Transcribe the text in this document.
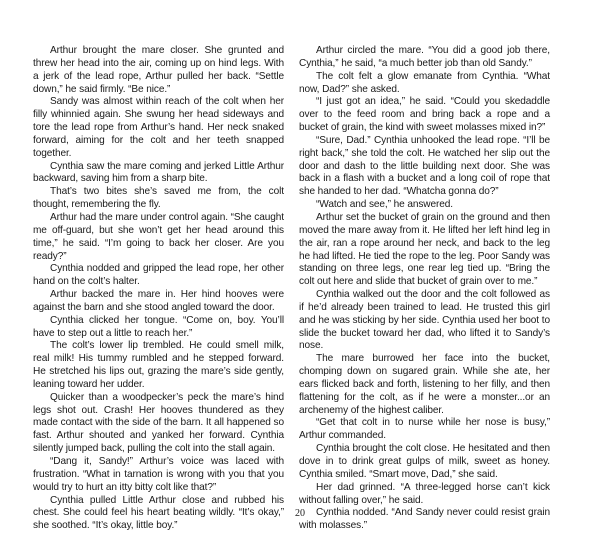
Arthur brought the mare closer. She grunted and threw her head into the air, coming up on hind legs. With a jerk of the lead rope, Arthur pulled her back. “Settle down,” he said firmly. “Be nice.”

Sandy was almost within reach of the colt when her filly whinnied again. She swung her head sideways and tore the lead rope from Arthur’s hand. Her neck snaked forward, aiming for the colt and her teeth snapped together.

Cynthia saw the mare coming and jerked Little Arthur backward, saving him from a sharp bite.

That’s two bites she’s saved me from, the colt thought, remembering the fly.

Arthur had the mare under control again. “She caught me off-guard, but she won’t get her head around this time,” he said. “I’m going to back her closer. Are you ready?”

Cynthia nodded and gripped the lead rope, her other hand on the colt’s halter.

Arthur backed the mare in. Her hind hooves were against the barn and she stood angled toward the door.

Cynthia clicked her tongue. “Come on, boy. You’ll have to step out a little to reach her.”

The colt’s lower lip trembled. He could smell milk, real milk! His tummy rumbled and he stepped forward. He stretched his lips out, grazing the mare’s side gently, leaning toward her udder.

Quicker than a woodpecker’s peck the mare’s hind legs shot out. Crash! Her hooves thundered as they made contact with the side of the barn. It all happened so fast. Arthur shouted and yanked her forward. Cynthia silently jumped back, pulling the colt into the stall again.

“Dang it, Sandy!” Arthur’s voice was laced with frustration. “What in tarnation is wrong with you that you would try to hurt an itty bitty colt like that?”

Cynthia pulled Little Arthur close and rubbed his chest. She could feel his heart beating wildly. “It’s okay,” she soothed. “It’s okay, little boy.”

Arthur circled the mare. “You did a good job there, Cynthia,” he said, “a much better job than old Sandy.”

The colt felt a glow emanate from Cynthia. “What now, Dad?” she asked.

“I just got an idea,” he said. “Could you skedaddle over to the feed room and bring back a rope and a bucket of grain, the kind with sweet molasses mixed in?”

“Sure, Dad.” Cynthia unhooked the lead rope. “I’ll be right back,” she told the colt. He watched her slip out the door and dash to the little building next door. She was back in a flash with a bucket and a long coil of rope that she handed to her dad. “Whatcha gonna do?”

“Watch and see,” he answered.

Arthur set the bucket of grain on the ground and then moved the mare away from it. He lifted her left hind leg in the air, ran a rope around her neck, and back to the leg he had lifted. He tied the rope to the leg. Poor Sandy was standing on three legs, one rear leg tied up. “Bring the colt out here and slide that bucket of grain over to me.”

Cynthia walked out the door and the colt followed as if he’d already been trained to lead. He trusted this girl and he was sticking by her side. Cynthia used her boot to slide the bucket toward her dad, who lifted it to Sandy’s nose.

The mare burrowed her face into the bucket, chomping down on sugared grain. While she ate, her ears flicked back and forth, listening to her filly, and then flattening for the colt, as if he were a monster...or an archenemy of the highest caliber.

“Get that colt in to nurse while her nose is busy,” Arthur commanded.

Cynthia brought the colt close. He hesitated and then dove in to drink great gulps of milk, sweet as honey. Cynthia smiled. “Smart move, Dad,” she said.

Her dad grinned. “A three-legged horse can’t kick without falling over,” he said.

Cynthia nodded. “And Sandy never could resist grain with molasses.”

20
